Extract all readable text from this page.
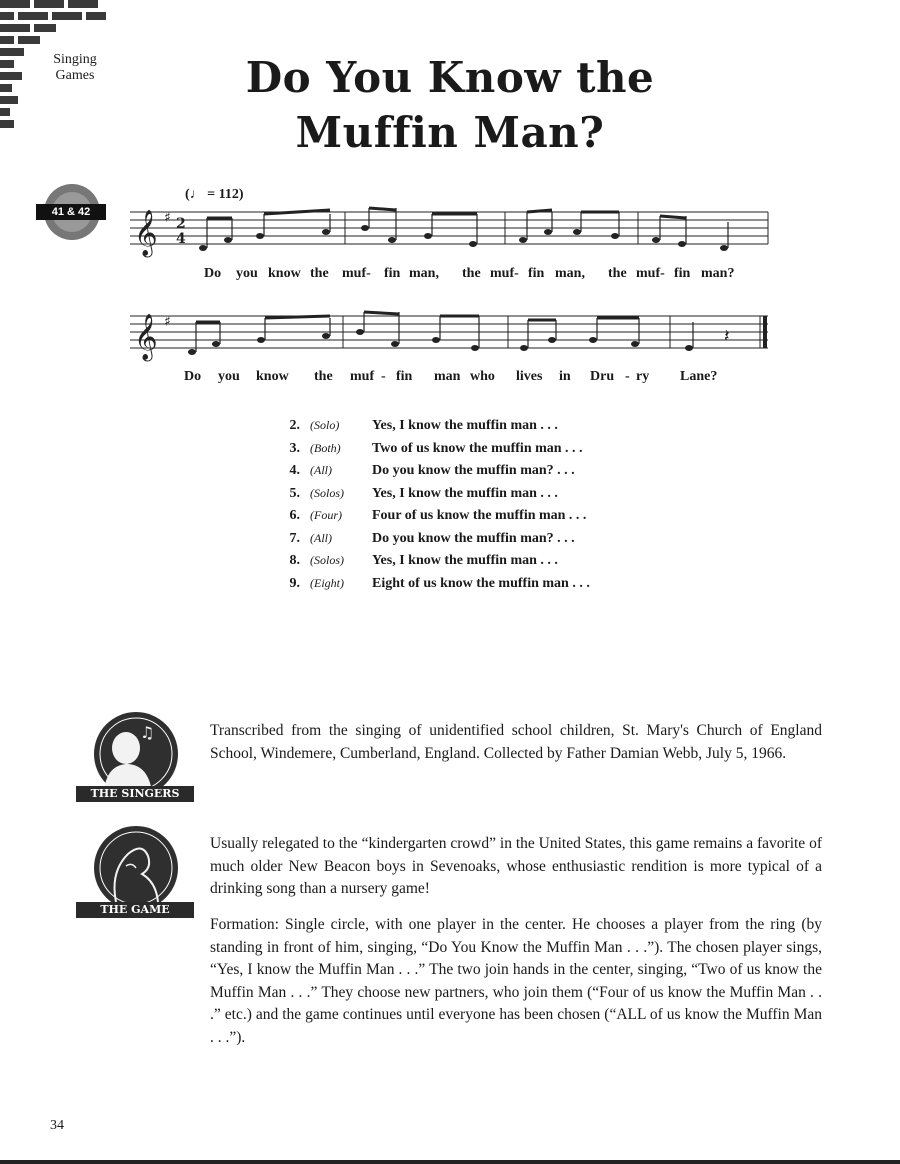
Singing
Games	Do You Know the
Muffin Man?
41 & 42
(♩ = 112)
𝄞 ♯ 2
4
Do you know the muf- fin man, the muf- fin man, the muf- fin man?
𝄞 ♯
𝄽
Do you know the muf - fin man who lives in Dru - ry Lane?
2. (Solo)	Yes, I know the muffin man . . .
3. (Both)	Two of us know the muffin man . . .
4. (All)	Do you know the muffin man? . . .
5. (Solos)	Yes, I know the muffin man . . .
6. (Four)	Four of us know the muffin man . . .
7. (All)	Do you know the muffin man? . . .
8. (Solos)	Yes, I know the muffin man . . .
9. (Eight)	Eight of us know the muffin man . . .
♫
THE SINGERS
Transcribed from the singing of unidentified school children, St. Mary's Church of England School, Windemere, Cumberland, England. Collected by Father Damian Webb, July 5, 1966.
THE GAME
Usually relegated to the “kindergarten crowd” in the United States, this game remains a favorite of much older New Beacon boys in Sevenoaks, whose enthusiastic rendition is more typical of a drinking song than a nursery game!
Formation: Single circle, with one player in the center. He chooses a player from the ring (by standing in front of him, singing, “Do You Know the Muffin Man . . .”). The chosen player sings, “Yes, I know the Muffin Man . . .” The two join hands in the center, singing, “Two of us know the Muffin Man . . .” They choose new partners, who join them (“Four of us know the Muffin Man . . .” etc.) and the game continues until everyone has been chosen (“ALL of us know the Muffin Man . . .”).
34
